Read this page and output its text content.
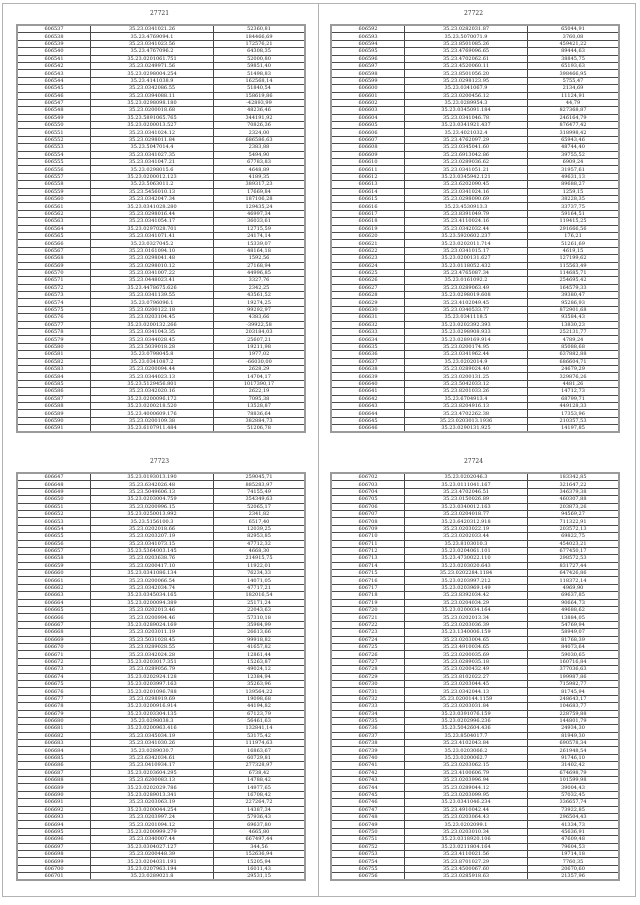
27721
606537	35.23.0341021.26	52360,81
606538	35.23.4769094.1	184466,69
606539	35.23.0341023.56	172576,21
606540	35.23.4767096.2	64308,35
606541	35.23.0201061.751	52000,80
606542	35.23.0249971.56	59851,40
606543	35.23.0298004.254	51498,83
606544	35.23.4141038.9	162568,14
606545	35.23.0342086.55	51840,54
606546	35.23.0394088.11	158619,86
606547	35.23.0298098.180	-42893,99
606548	35.23.0200018.68	48236,46
606549	35.23.5891065.765	344191,92
606550	35.23.0200013.527	70826,36
606551	35.23.0341024.12	2324,00
606552	35.23.0298011.84	686586,63
606553	35.23.5047014.4	2383,88
606554	35.23.0341027.35	5494,90
606555	35.23.0341047.21	67783,83
606556	35.23.0298015.6	4648,89
606557	35.23.0200012.123	4189,35
606558	35.23.5063011.2	389317,23
606559	35.23.5456010.13	17669,84
606560	35.23.0342047.34	187106,28
606561	35.23.0341028.280	129435,24
606562	35.23.0298016.44	46997,34
606563	35.23.0341054.17	36033,61
606564	35.23.0297028.701	12715,59
606565	35.23.0341071.41	24174,14
606566	35.23.0327045.2	15339,07
606567	35.23.0161094.10	48164,18
606568	35.23.0298041.48	1592,56
606569	35.23.0298010.12	27168,94
606570	35.23.0341007.22	44996,85
606571	35.23.0448023.41	3327,76
606572	35.23.4478675.626	2342,25
606573	35.23.0341139.55	43561,52
606574	35.23.0796096.1	19274,25
606575	35.23.0200122.18	99292,97
606576	35.23.0203104.45	4383,66
606577	35.23.0200132.266	-39922,58
606578	35.23.0341043.35	203184,03
606579	35.23.0344028.45	25607,21
606580	35.23.5039018.28	19211,98
606581	35.23.0798045.8	1977,02
606582	35.23.0341087.2	-66030,00
606583	35.23.0200094.44	2628,29
606584	35.23.0344023.13	14704,17
606585	35.23.5129456.801	1017390,17
606586	35.23.0342020.16	2622,19
606587	35.23.0200096.172	7095,38
606588	35.23.0200218.520	13528,87
606589	35.23.4000609.176	78836,64
606590	35.23.0200109.38	382884,73
606591	35.23.6107911.484	51206,78
27722
606592	35.23.0282031.87	65044,91
606593	35.23.5070071.9	3760,08
606594	35.23.8501085.26	459421,22
606595	35.23.4769096.65	89444,63
606596	35.23.4702062.61	38845,75
606597	35.23.4520060.11	65193,63
606598	35.23.8501056.20	398466,95
606599	35.23.0298123.95	5755,47
606600	35.23.0341067.9	2134,69
606601	35.23.0200456.12	11124,91
606602	35.23.0289954.3	44,79
606603	35.23.0345091.184	827368,87
606604	35.23.0341046.78	246164,79
606605	35.23.0341921.437	876477,42
606606	35.23.4021032.4	318998,42
606607	35.23.4762097.29	65943,46
606608	35.23.0345041.60	48744,40
606609	35.23.6913042.86	39755,52
606610	35.23.0289036.62	6909,24
606611	35.23.0341051.21	31957,61
606612	35.23.0345942.121	49631,13
606613	35.23.6202090.45	89688,27
606614	35.23.0341024.16	1259,15
606615	35.23.0298090.69	38228,35
606616	35.23.4530913.3	33737,75
606617	35.23.8391049.79	59164,51
606618	35.23.4110024.16	119415,25
606619	35.23.0342032.44	291666,56
606620	35.23.5920602.237	176,21
606621	35.23.0202011.714	51261,69
606622	35.23.0341015.17	4619,15
606623	35.23.0200131.627	127199,62
606624	35.23.0118052.432	115563,49
606625	35.23.4765087.34	114685,71
606626	35.23.0161092.2	254695,42
606627	35.23.0289063.49	164579,33
606628	35.23.0298019.608	39380,47
606629	35.23.4102049.45	95286,93
606630	35.23.0340533.77	872901,68
606631	35.23.0341118.5	93584,43
606632	35.23.0202392.393	13830,23
606633	35.23.0298908.933	252131,77
606634	35.23.0289169.914	4789,24
606635	35.23.0200174.95	85088,68
606636	35.23.0341962.44	637882,88
606637	35.23.0202014.9	686604,71
606638	35.23.0289024.40	24679,29
606639	35.23.0200131.25	329876,26
606640	35.23.5042033.12	4481,26
606641	35.23.8201033.26	14712,73
606642	35.23.6704913.4	68799,71
606643	35.23.8204916.13	449128,33
606644	35.23.4702262.38	17353,96
606645	35.23.0203013.1936	210357,53
606646	35.23.0290131.925	14197,85
27723
606647	35.23.0193013.190	259045,71
606648	35.23.6342026.48	885283,97
606649	35.23.5049606.13	74155,49
606650	35.23.0203004.759	354349,63
606651	35.23.0200996.15	52065,17
606652	35.23.0250013.992	2341,82
606653	35.23.5156100.3	6517,40
606654	35.23.0202018.66	12039,25
606655	35.23.0203207.19	82953,85
606656	35.23.0341073.15	47712,32
606657	35.23.5364003.145	4668,30
606658	35.23.0203638.76	214915,75
606659	35.23.0200417.10	11922,01
606660	35.23.0341086.134	76234,33
606661	35.23.0200066.54	14071,05
606662	35.23.0342034.74	47717,21
606663	35.23.0345034.165	182016,54
606664	35.23.0200094.389	25171,24
606665	35.23.0202013.46	22043,63
606666	35.23.0200994.46	57310,18
606667	35.23.0289024.169	35984,99
606668	35.23.0203011.19	26613,66
606669	35.23.5031028.45	99918,82
606670	35.23.0289028.55	41657,82
606671	35.23.0342024.28	12861,44
606672	35.23.0203017.351	15263,87
606673	35.23.0289056.79	49024,12
606674	35.23.0202924.128	12384,94
606675	35.23.0203997.163	35263,96
606676	35.23.0201096.788	139564,22
606677	35.23.0298919.69	19098,68
606678	35.23.0200916.914	44194,82
606679	35.23.0203304.135	67123,79
606680	35.23.0298038.3	56461,63
606681	35.23.0200963.416	132841,14
606682	35.23.0345034.19	53175,42
606683	35.23.0341030.26	111974,63
606684	35.23.0289030.7	16863,67
606685	35.23.6342034.61	60729,81
606686	35.23.0410934.17	277328,97
606687	35.23.0203604.295	6738,42
606688	35.23.6200083.13	14788,42
606689	35.23.0202029.786	14977,65
606690	35.23.0289013.341	16708,42
606691	35.23.0203063.19	227264,72
606692	35.23.0200044.254	14387,34
606693	35.23.0203997.24	57936,43
606694	35.23.0201094.12	69637,80
606695	35.23.0200999.279	4665,80
606696	35.23.0340007.44	667497,44
606697	35.23.0304027.127	344,56
606698	35.23.0200448.39	152636,94
606699	35.23.0204031.191	15205,94
606700	35.23.0207963.194	16011,43
606701	35.23.0289021.8	29531,15
27724
606702	35.23.0202046.3	183342,85
606703	35.23.0111041.167	321647,22
606704	35.23.4702046.51	346379,38
606705	35.23.0150026.89	460307,88
606706	35.23.0340012.163	203873,26
606707	35.23.0204018.77	94569,27
606708	35.23.6420312.918	711322,91
606709	35.23.0203022.19	203572,13
606710	35.23.0202033.44	69822,75
606711	35.23.8103010.3	454023,21
606712	35.23.0204061.101	677450,17
606713	35.23.4730022.110	298572,53
606714	35.23.0203020.643	831727,44
606715	35.23.0202284.1184	647426,86
606716	35.23.0203997.212	118372,14
606717	35.23.0203969.149	4969,90
606718	35.23.8392034.42	69637,85
606719	35.23.0204034.29	90664,73
606720	35.23.0200034.164	49688,62
606721	35.23.0202013.34	13884,05
606722	35.23.0203036.39	54769,94
606723	35.23.1340006.159	58949,07
606724	35.23.0203004.65	81768,39
606725	35.23.4910034.65	84073,64
606726	35.23.0200035.69	59030,65
606727	35.23.0289035.18	160716,84
606728	35.23.0200432.49	377036,63
606729	35.23.8102022.27	199987,86
606730	35.23.0203044.45	715982,77
606731	35.23.0342044.13	81745,94
606732	35.23.0200144.1159	248643,17
606733	35.23.0203031.84	104683,77
606734	35.23.0391076.159	228759,88
606735	35.23.0202996.236	144801,79
606736	35.23.5042604.436	24934,30
606737	35.23.8504017.7	81949,30
606738	35.23.4102043.84	690578,34
606739	35.23.0203066.2	261948,54
606740	35.23.0200062.7	91746,10
606741	35.23.0203062.15	31402,42
606742	35.23.4100606.79	674698,79
606743	35.23.0203996.94	101599,98
606744	35.23.0289044.12	39004,43
606745	35.23.0203099.95	57032,45
606746	35.23.0341046.234	336657,74
606747	35.23.4910042.44	73922,85
606748	35.23.0203064.43	296504,43
606749	35.23.0202099.1	41334,73
606750	35.23.0203010.34	45636,91
606751	35.23.0318920.106	47609,48
606752	35.23.0211804.164	79604,53
606753	35.23.4110021.56	19714,18
606754	35.23.8701027.29	7760,35
606755	35.23.4500067.60	20670,60
606756	35.23.0285918.63	21357,96
